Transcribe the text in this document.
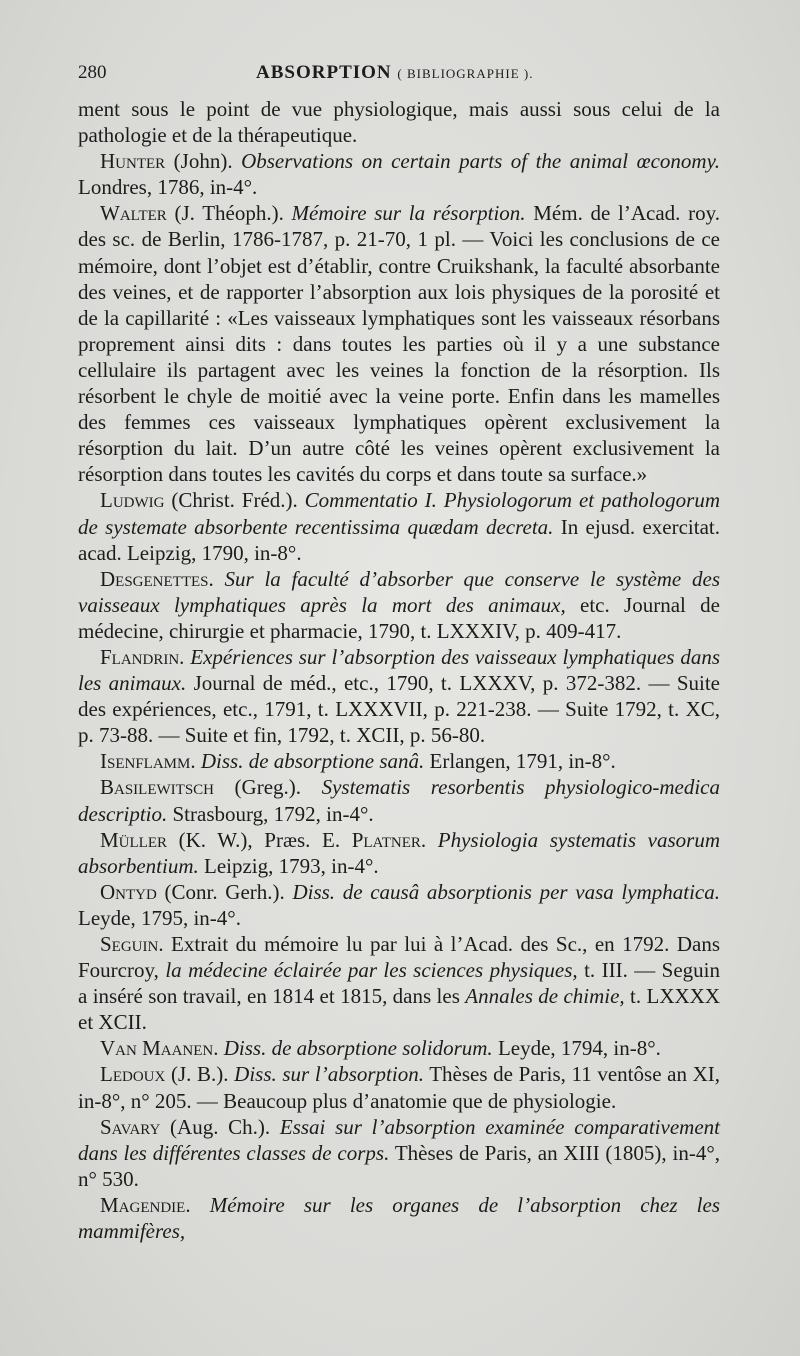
280	ABSORPTION ( BIBLIOGRAPHIE ).

ment sous le point de vue physiologique, mais aussi sous celui de la pathologie et de la thérapeutique.

Hunter (John). Observations on certain parts of the animal œconomy. Londres, 1786, in-4°.

Walter (J. Théoph.). Mémoire sur la résorption. Mém. de l’Acad. roy. des sc. de Berlin, 1786-1787, p. 21-70, 1 pl. — Voici les conclusions de ce mémoire, dont l’objet est d’établir, contre Cruikshank, la faculté absorbante des veines, et de rapporter l’absorption aux lois physiques de la porosité et de la capillarité : «Les vaisseaux lymphatiques sont les vaisseaux résorbans proprement ainsi dits : dans toutes les parties où il y a une substance cellulaire ils partagent avec les veines la fonction de la résorption. Ils résorbent le chyle de moitié avec la veine porte. Enfin dans les mamelles des femmes ces vaisseaux lymphatiques opèrent exclusivement la résorption du lait. D’un autre côté les veines opèrent exclusivement la résorption dans toutes les cavités du corps et dans toute sa surface.»

Ludwig (Christ. Fréd.). Commentatio I. Physiologorum et pathologorum de systemate absorbente recentissima quædam decreta. In ejusd. exercitat. acad. Leipzig, 1790, in-8°.

Desgenettes. Sur la faculté d’absorber que conserve le système des vaisseaux lymphatiques après la mort des animaux, etc. Journal de médecine, chirurgie et pharmacie, 1790, t. LXXXIV, p. 409-417.

Flandrin. Expériences sur l’absorption des vaisseaux lymphatiques dans les animaux. Journal de méd., etc., 1790, t. LXXXV, p. 372-382. — Suite des expériences, etc., 1791, t. LXXXVII, p. 221-238. — Suite 1792, t. XC, p. 73-88. — Suite et fin, 1792, t. XCII, p. 56-80.

Isenflamm. Diss. de absorptione sanâ. Erlangen, 1791, in-8°.

Basilewitsch (Greg.). Systematis resorbentis physiologico-medica descriptio. Strasbourg, 1792, in-4°.

Müller (K. W.), Præs. E. Platner. Physiologia systematis vasorum absorbentium. Leipzig, 1793, in-4°.

Ontyd (Conr. Gerh.). Diss. de causâ absorptionis per vasa lymphatica. Leyde, 1795, in-4°.

Seguin. Extrait du mémoire lu par lui à l’Acad. des Sc., en 1792. Dans Fourcroy, la médecine éclairée par les sciences physiques, t. III. — Seguin a inséré son travail, en 1814 et 1815, dans les Annales de chimie, t. LXXXX et XCII.

Van Maanen. Diss. de absorptione solidorum. Leyde, 1794, in-8°.

Ledoux (J. B.). Diss. sur l’absorption. Thèses de Paris, 11 ventôse an XI, in-8°, n° 205. — Beaucoup plus d’anatomie que de physiologie.

Savary (Aug. Ch.). Essai sur l’absorption examinée comparativement dans les différentes classes de corps. Thèses de Paris, an XIII (1805), in-4°, n° 530.

Magendie. Mémoire sur les organes de l’absorption chez les mammifères,
